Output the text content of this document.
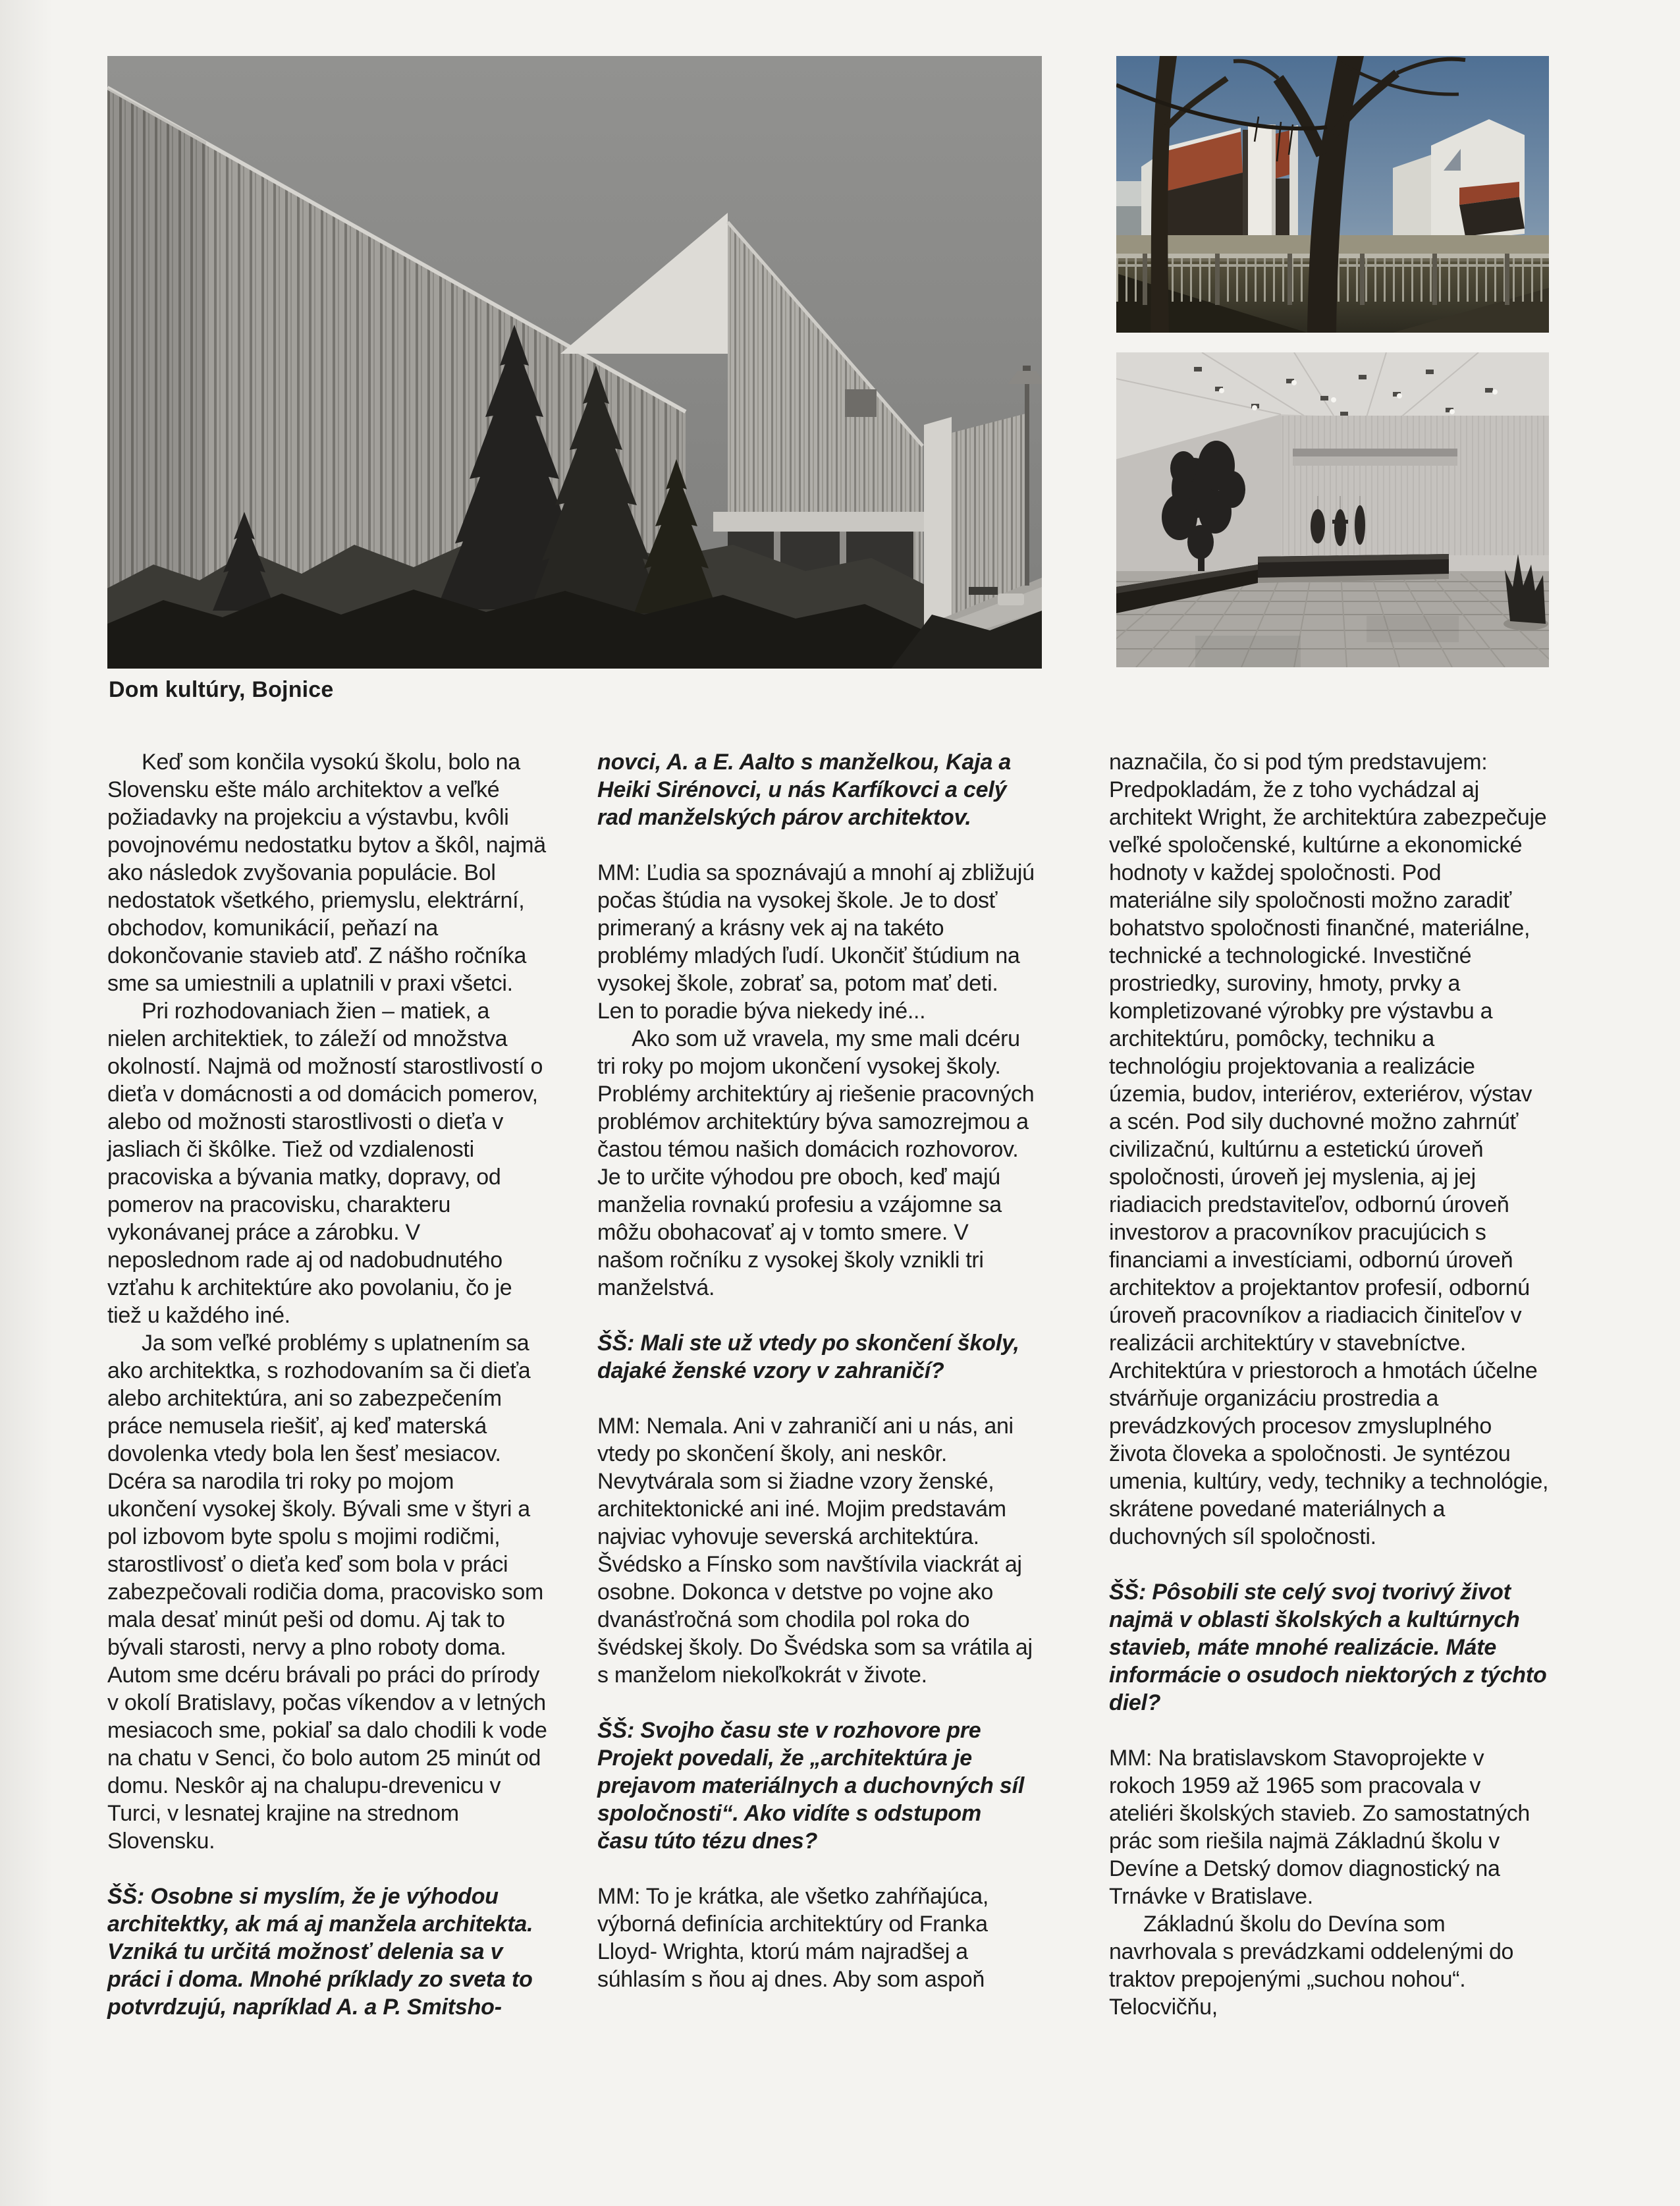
Dom kultúry, Bojnice

Keď som končila vysokú školu, bolo na Slovensku ešte málo architektov a veľké požiadavky na projekciu a výstavbu, kvôli povojnovému nedostatku bytov a škôl, najmä ako následok zvyšovania populácie. Bol nedostatok všetkého, priemyslu, elektrární, obchodov, komunikácií, peňazí na dokončovanie stavieb atď. Z nášho ročníka sme sa umiestnili a uplatnili v praxi všetci.

Pri rozhodovaniach žien – matiek, a nielen architektiek, to záleží od množstva okolností. Najmä od možností starostlivostí o dieťa v domácnosti a od domácich pomerov, alebo od možnosti starostlivosti o dieťa v jasliach či škôlke. Tiež od vzdialenosti pracoviska a bývania matky, dopravy, od pomerov na pracovisku, charakteru vykonávanej práce a zárobku. V neposlednom rade aj od nadobudnutého vzťahu k architektúre ako povolaniu, čo je tiež u každého iné.

Ja som veľké problémy s uplatnením sa ako architektka, s rozhodovaním sa či dieťa alebo architektúra, ani so zabezpečením práce nemusela riešiť, aj keď materská dovolenka vtedy bola len šesť mesiacov. Dcéra sa narodila tri roky po mojom ukončení vysokej školy. Bývali sme v štyri a pol izbovom byte spolu s mojimi rodičmi, starostlivosť o dieťa keď som bola v práci zabezpečovali rodičia doma, pracovisko som mala desať minút peši od domu. Aj tak to bývali starosti, nervy a plno roboty doma. Autom sme dcéru brávali po práci do prírody v okolí Bratislavy, počas víkendov a v letných mesiacoch sme, pokiaľ sa dalo chodili k vode na chatu v Senci, čo bolo autom 25 minút od domu. Neskôr aj na chalupu-drevenicu v Turci, v lesnatej krajine na strednom Slovensku.

ŠŠ: Osobne si myslím, že je výhodou architektky, ak má aj manžela architekta. Vzniká tu určitá možnosť delenia sa v práci i doma. Mnohé príklady zo sveta to potvrdzujú, napríklad A. a P. Smitsho-

novci, A. a E. Aalto s manželkou, Kaja a Heiki Sirénovci, u nás Karfíkovci a celý rad manželských párov architektov.

MM: Ľudia sa spoznávajú a mnohí aj zbližujú počas štúdia na vysokej škole. Je to dosť primeraný a krásny vek aj na takéto problémy mladých ľudí. Ukončiť štúdium na vysokej škole, zobrať sa, potom mať deti. Len to poradie býva niekedy iné...

Ako som už vravela, my sme mali dcéru tri roky po mojom ukončení vysokej školy. Problémy architektúry aj riešenie pracovných problémov architektúry býva samozrejmou a častou témou našich domácich rozhovorov. Je to určite výhodou pre oboch, keď majú manželia rovnakú profesiu a vzájomne sa môžu obohacovať aj v tomto smere. V našom ročníku z vysokej školy vznikli tri manželstvá.

ŠŠ: Mali ste už vtedy po skončení školy, dajaké ženské vzory v zahraničí?

MM: Nemala. Ani v zahraničí ani u nás, ani vtedy po skončení školy, ani neskôr. Nevytvárala som si žiadne vzory ženské, architektonické ani iné. Mojim predstavám najviac vyhovuje severská architektúra. Švédsko a Fínsko som navštívila viackrát aj osobne. Dokonca v detstve po vojne ako dvanásťročná som chodila pol roka do švédskej školy. Do Švédska som sa vrátila aj s manželom niekoľkokrát v živote.

ŠŠ: Svojho času ste v rozhovore pre Projekt povedali, že „architektúra je prejavom materiálnych a duchovných síl spoločnosti“. Ako vidíte s odstupom času túto tézu dnes?

MM: To je krátka, ale všetko zahŕňajúca, výborná definícia architektúry od Franka Lloyd- Wrighta, ktorú mám najradšej a súhlasím s ňou aj dnes. Aby som aspoň

naznačila, čo si pod tým predstavujem: Predpokladám, že z toho vychádzal aj architekt Wright, že architektúra zabezpečuje veľké spoločenské, kultúrne a ekonomické hodnoty v každej spoločnosti. Pod materiálne sily spoločnosti možno zaradiť bohatstvo spoločnosti finančné, materiálne, technické a technologické. Investičné prostriedky, suroviny, hmoty, prvky a kompletizované výrobky pre výstavbu a architektúru, pomôcky, techniku a technológiu projektovania a realizácie územia, budov, interiérov, exteriérov, výstav a scén. Pod sily duchovné možno zahrnúť civilizačnú, kultúrnu a estetickú úroveň spoločnosti, úroveň jej myslenia, aj jej riadiacich predstaviteľov, odbornú úroveň investorov a pracovníkov pracujúcich s financiami a investíciami, odbornú úroveň architektov a projektantov profesií, odbornú úroveň pracovníkov a riadiacich činiteľov v realizácii architektúry v stavebníctve. Architektúra v priestoroch a hmotách účelne stvárňuje organizáciu prostredia a prevádzkových procesov zmysluplného života človeka a spoločnosti. Je syntézou umenia, kultúry, vedy, techniky a technológie, skrátene povedané materiálnych a duchovných síl spoločnosti.

ŠŠ: Pôsobili ste celý svoj tvorivý život najmä v oblasti školských a kultúrnych stavieb, máte mnohé realizácie. Máte informácie o osudoch niektorých z týchto diel?

MM: Na bratislavskom Stavoprojekte v rokoch 1959 až 1965 som pracovala v ateliéri školských stavieb. Zo samostatných prác som riešila najmä Základnú školu v Devíne a Detský domov diagnostický na Trnávke v Bratislave.

Základnú školu do Devína som navrhovala s prevádzkami oddelenými do traktov prepojenými „suchou nohou“. Telocvičňu,
